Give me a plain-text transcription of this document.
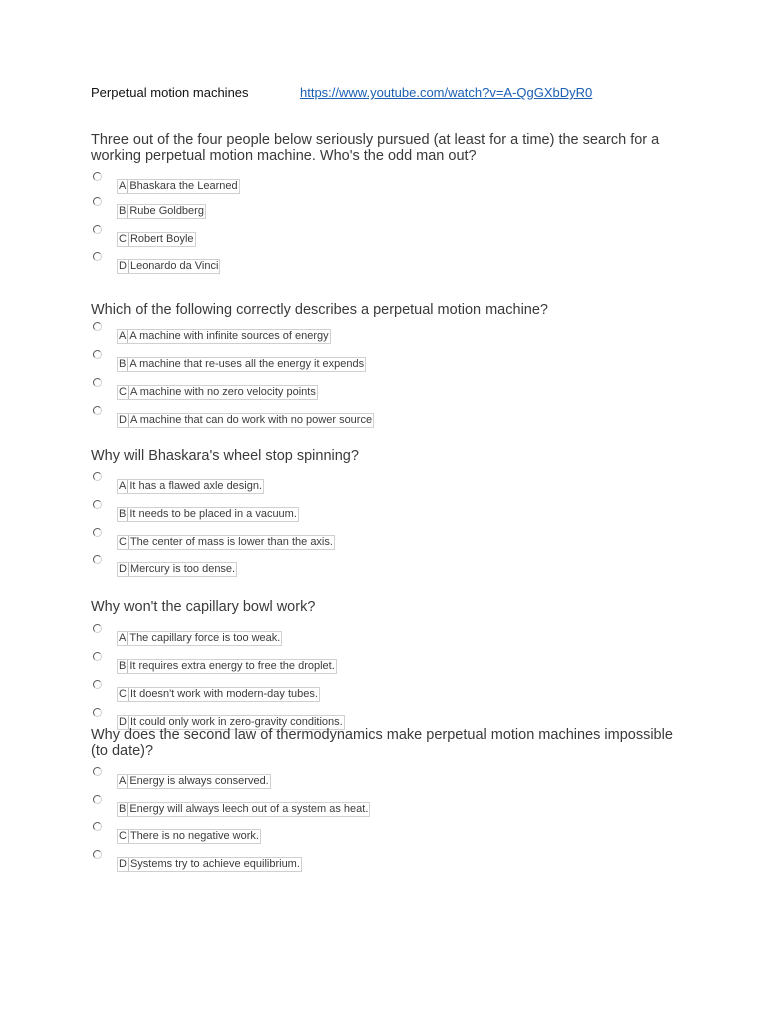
Perpetual motion machines	https://www.youtube.com/watch?v=A-QgGXbDyR0

Three out of the four people below seriously pursued (at least for a time) the search for a working perpetual motion machine. Who's the odd man out?

A Bhaskara the Learned
B Rube Goldberg
C Robert Boyle
D Leonardo da Vinci

Which of the following correctly describes a perpetual motion machine?

A A machine with infinite sources of energy
B A machine that re-uses all the energy it expends
C A machine with no zero velocity points
D A machine that can do work with no power source

Why will Bhaskara's wheel stop spinning?

A It has a flawed axle design.
B It needs to be placed in a vacuum.
C The center of mass is lower than the axis.
D Mercury is too dense.

Why won't the capillary bowl work?

A The capillary force is too weak.
B It requires extra energy to free the droplet.
C It doesn't work with modern-day tubes.
D It could only work in zero-gravity conditions.

Why does the second law of thermodynamics make perpetual motion machines impossible (to date)?

A Energy is always conserved.
B Energy will always leech out of a system as heat.
C There is no negative work.
D Systems try to achieve equilibrium.
